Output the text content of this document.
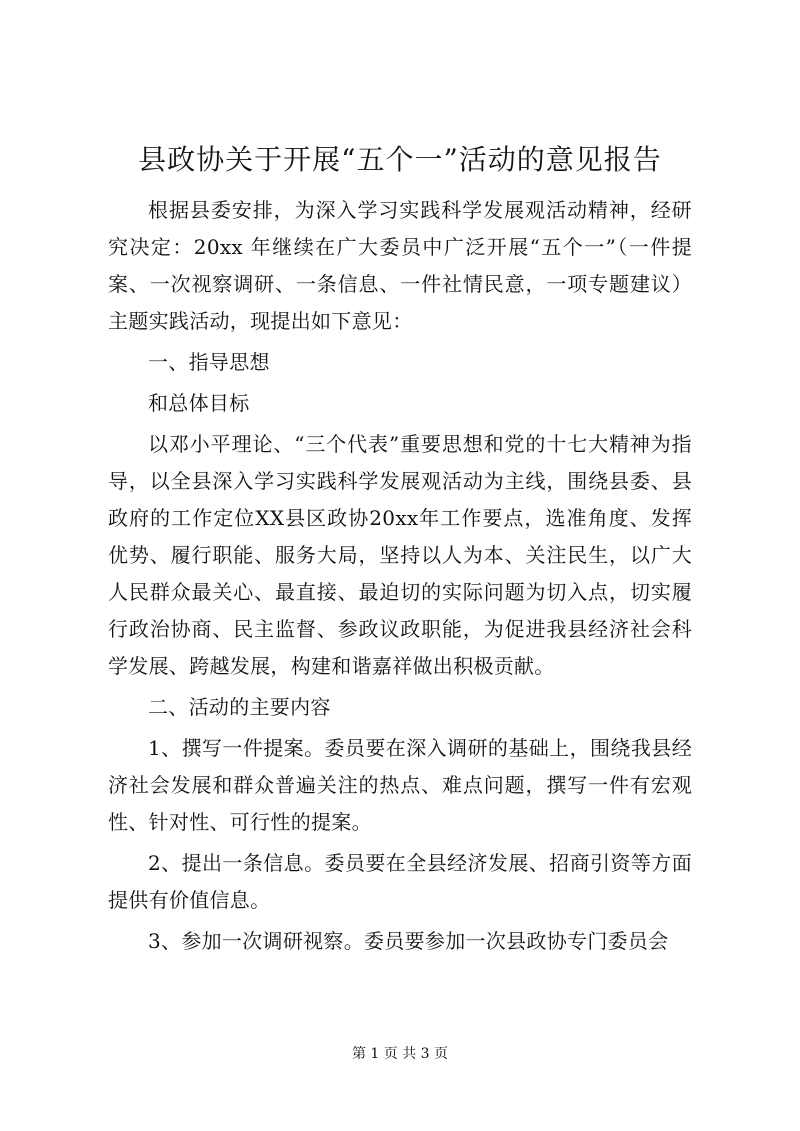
县政协关于开展“五个一”活动的意见报告

根据县委安排，为深入学习实践科学发展观活动精神，经研究决定：20xx 年继续在广大委员中广泛开展“五个一”（一件提案、一次视察调研、一条信息、一件社情民意，一项专题建议）主题实践活动，现提出如下意见：

一、指导思想

和总体目标

以邓小平理论、“三个代表”重要思想和党的十七大精神为指导，以全县深入学习实践科学发展观活动为主线，围绕县委、县政府的工作定位XX县区政协20xx年工作要点，选准角度、发挥优势、履行职能、服务大局，坚持以人为本、关注民生，以广大人民群众最关心、最直接、最迫切的实际问题为切入点，切实履行政治协商、民主监督、参政议政职能，为促进我县经济社会科学发展、跨越发展，构建和谐嘉祥做出积极贡献。

二、活动的主要内容

1、撰写一件提案。委员要在深入调研的基础上，围绕我县经济社会发展和群众普遍关注的热点、难点问题，撰写一件有宏观性、针对性、可行性的提案。

2、提出一条信息。委员要在全县经济发展、招商引资等方面提供有价值信息。

3、参加一次调研视察。委员要参加一次县政协专门委员会

第 1 页 共 3 页
